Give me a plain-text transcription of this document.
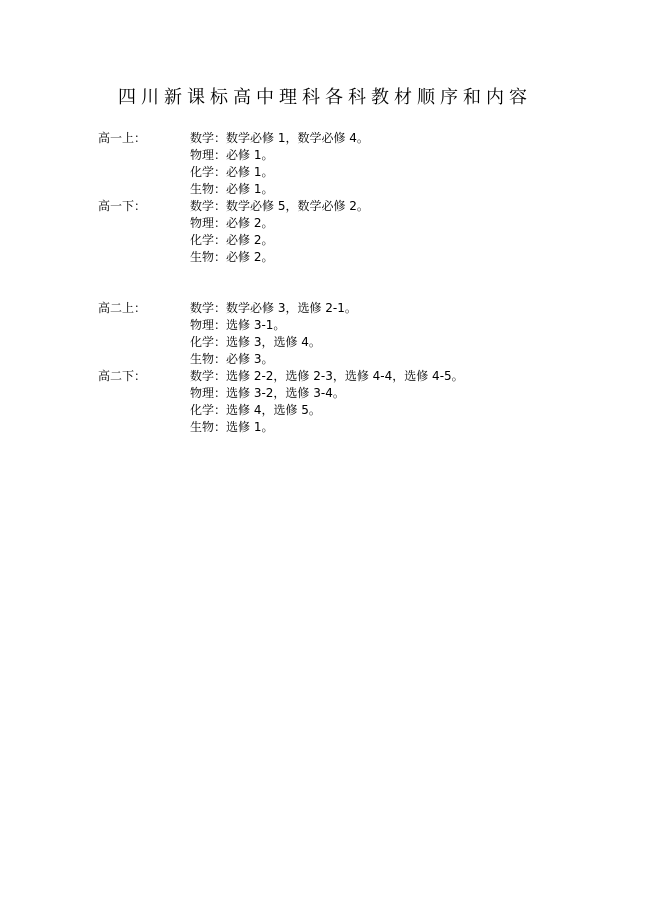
四川新课标高中理科各科教材顺序和内容
高一上：	数学：数学必修 1，数学必修 4。
物理：必修 1。
化学：必修 1。
生物：必修 1。
高一下：	数学：数学必修 5，数学必修 2。
物理：必修 2。
化学：必修 2。
生物：必修 2。
高二上：	数学：数学必修 3，选修 2-1。
物理：选修 3-1。
化学：选修 3，选修 4。
生物：必修 3。
高二下：	数学：选修 2-2，选修 2-3，选修 4-4，选修 4-5。
物理：选修 3-2，选修 3-4。
化学：选修 4，选修 5。
生物：选修 1。
